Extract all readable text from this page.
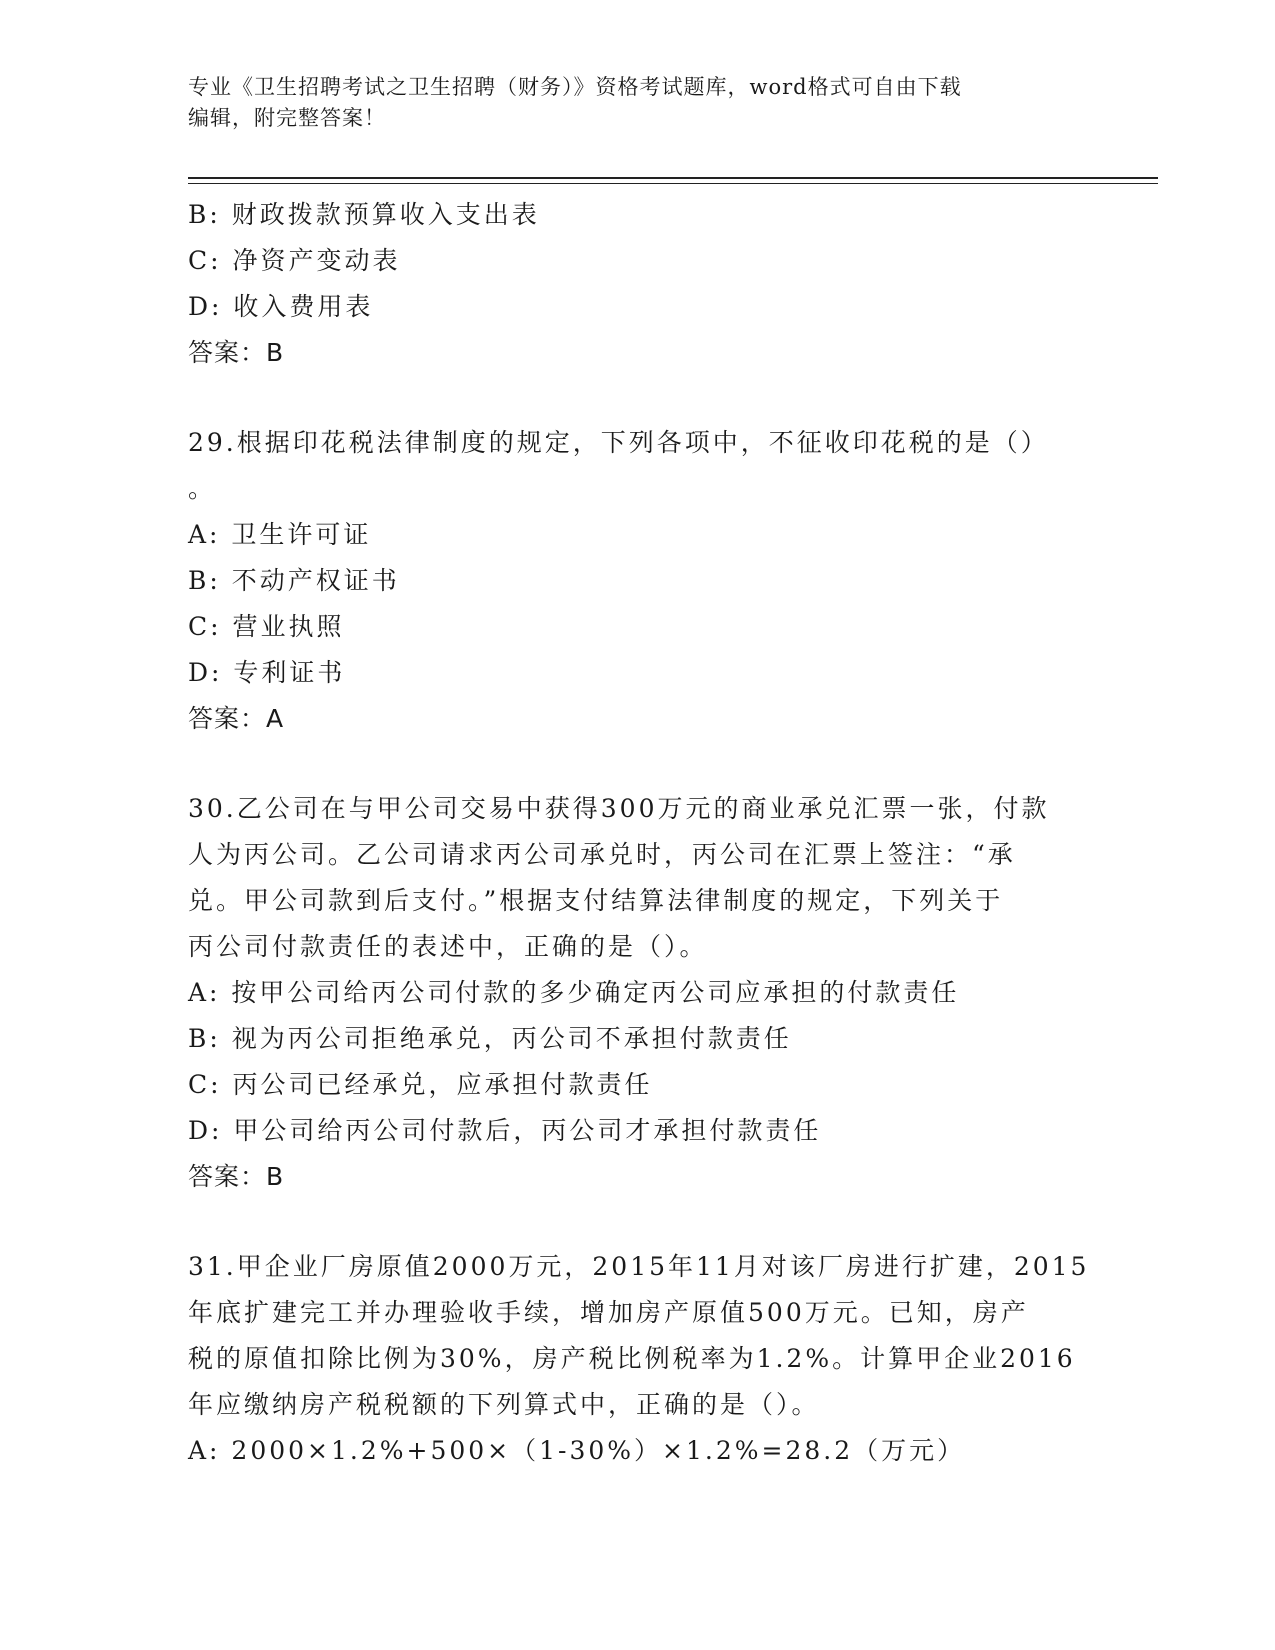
专业《卫生招聘考试之卫生招聘（财务）》资格考试题库，word格式可自由下载
编辑，附完整答案！
B: 财政拨款预算收入支出表
C: 净资产变动表
D: 收入费用表
答案：B
29.根据印花税法律制度的规定，下列各项中，不征收印花税的是（）
。
A: 卫生许可证
B: 不动产权证书
C: 营业执照
D: 专利证书
答案：A
30.乙公司在与甲公司交易中获得300万元的商业承兑汇票一张，付款
人为丙公司。乙公司请求丙公司承兑时，丙公司在汇票上签注：“承
兑。甲公司款到后支付。”根据支付结算法律制度的规定，下列关于
丙公司付款责任的表述中，正确的是（）。
A: 按甲公司给丙公司付款的多少确定丙公司应承担的付款责任
B: 视为丙公司拒绝承兑，丙公司不承担付款责任
C: 丙公司已经承兑，应承担付款责任
D: 甲公司给丙公司付款后，丙公司才承担付款责任
答案：B
31.甲企业厂房原值2000万元，2015年11月对该厂房进行扩建，2015
年底扩建完工并办理验收手续，增加房产原值500万元。已知，房产
税的原值扣除比例为30%，房产税比例税率为1.2%。计算甲企业2016
年应缴纳房产税税额的下列算式中，正确的是（）。
A: 2000×1.2%+500×（1-30%）×1.2%=28.2（万元）
